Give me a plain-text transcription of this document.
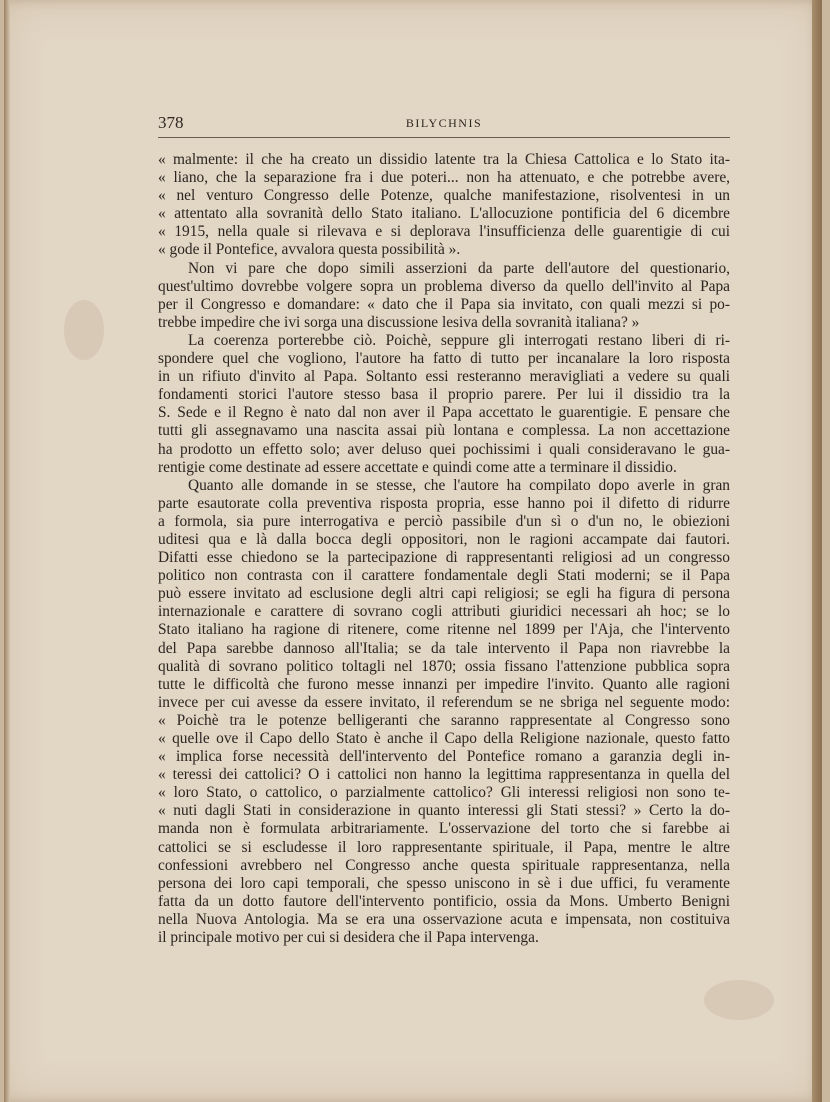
378	BILYCHNIS
« malmente: il che ha creato un dissidio latente tra la Chiesa Cattolica e lo Stato ita-
« liano, che la separazione fra i due poteri... non ha attenuato, e che potrebbe avere,
« nel venturo Congresso delle Potenze, qualche manifestazione, risolventesi in un
« attentato alla sovranità dello Stato italiano. L'allocuzione pontificia del 6 dicembre
« 1915, nella quale si rilevava e si deplorava l'insufficienza delle guarentigie di cui
« gode il Pontefice, avvalora questa possibilità ».
Non vi pare che dopo simili asserzioni da parte dell'autore del questionario,
quest'ultimo dovrebbe volgere sopra un problema diverso da quello dell'invito al Papa
per il Congresso e domandare: « dato che il Papa sia invitato, con quali mezzi si po-
trebbe impedire che ivi sorga una discussione lesiva della sovranità italiana? »
La coerenza porterebbe ciò. Poichè, seppure gli interrogati restano liberi di ri-
spondere quel che vogliono, l'autore ha fatto di tutto per incanalare la loro risposta
in un rifiuto d'invito al Papa. Soltanto essi resteranno meravigliati a vedere su quali
fondamenti storici l'autore stesso basa il proprio parere. Per lui il dissidio tra la
S. Sede e il Regno è nato dal non aver il Papa accettato le guarentigie. E pensare che
tutti gli assegnavamo una nascita assai più lontana e complessa. La non accettazione
ha prodotto un effetto solo; aver deluso quei pochissimi i quali consideravano le gua-
rentigie come destinate ad essere accettate e quindi come atte a terminare il dissidio.
Quanto alle domande in se stesse, che l'autore ha compilato dopo averle in gran
parte esautorate colla preventiva risposta propria, esse hanno poi il difetto di ridurre
a formola, sia pure interrogativa e perciò passibile d'un sì o d'un no, le obiezioni
uditesi qua e là dalla bocca degli oppositori, non le ragioni accampate dai fautori.
Difatti esse chiedono se la partecipazione di rappresentanti religiosi ad un congresso
politico non contrasta con il carattere fondamentale degli Stati moderni; se il Papa
può essere invitato ad esclusione degli altri capi religiosi; se egli ha figura di persona
internazionale e carattere di sovrano cogli attributi giuridici necessari ah hoc; se lo
Stato italiano ha ragione di ritenere, come ritenne nel 1899 per l'Aja, che l'intervento
del Papa sarebbe dannoso all'Italia; se da tale intervento il Papa non riavrebbe la
qualità di sovrano politico toltagli nel 1870; ossia fissano l'attenzione pubblica sopra
tutte le difficoltà che furono messe innanzi per impedire l'invito. Quanto alle ragioni
invece per cui avesse da essere invitato, il referendum se ne sbriga nel seguente modo:
« Poichè tra le potenze belligeranti che saranno rappresentate al Congresso sono
« quelle ove il Capo dello Stato è anche il Capo della Religione nazionale, questo fatto
« implica forse necessità dell'intervento del Pontefice romano a garanzia degli in-
« teressi dei cattolici? O i cattolici non hanno la legittima rappresentanza in quella del
« loro Stato, o cattolico, o parzialmente cattolico? Gli interessi religiosi non sono te-
« nuti dagli Stati in considerazione in quanto interessi gli Stati stessi? » Certo la do-
manda non è formulata arbitrariamente. L'osservazione del torto che si farebbe ai
cattolici se si escludesse il loro rappresentante spirituale, il Papa, mentre le altre
confessioni avrebbero nel Congresso anche questa spirituale rappresentanza, nella
persona dei loro capi temporali, che spesso uniscono in sè i due uffici, fu veramente
fatta da un dotto fautore dell'intervento pontificio, ossia da Mons. Umberto Benigni
nella Nuova Antologia. Ma se era una osservazione acuta e impensata, non costituiva
il principale motivo per cui si desidera che il Papa intervenga.
